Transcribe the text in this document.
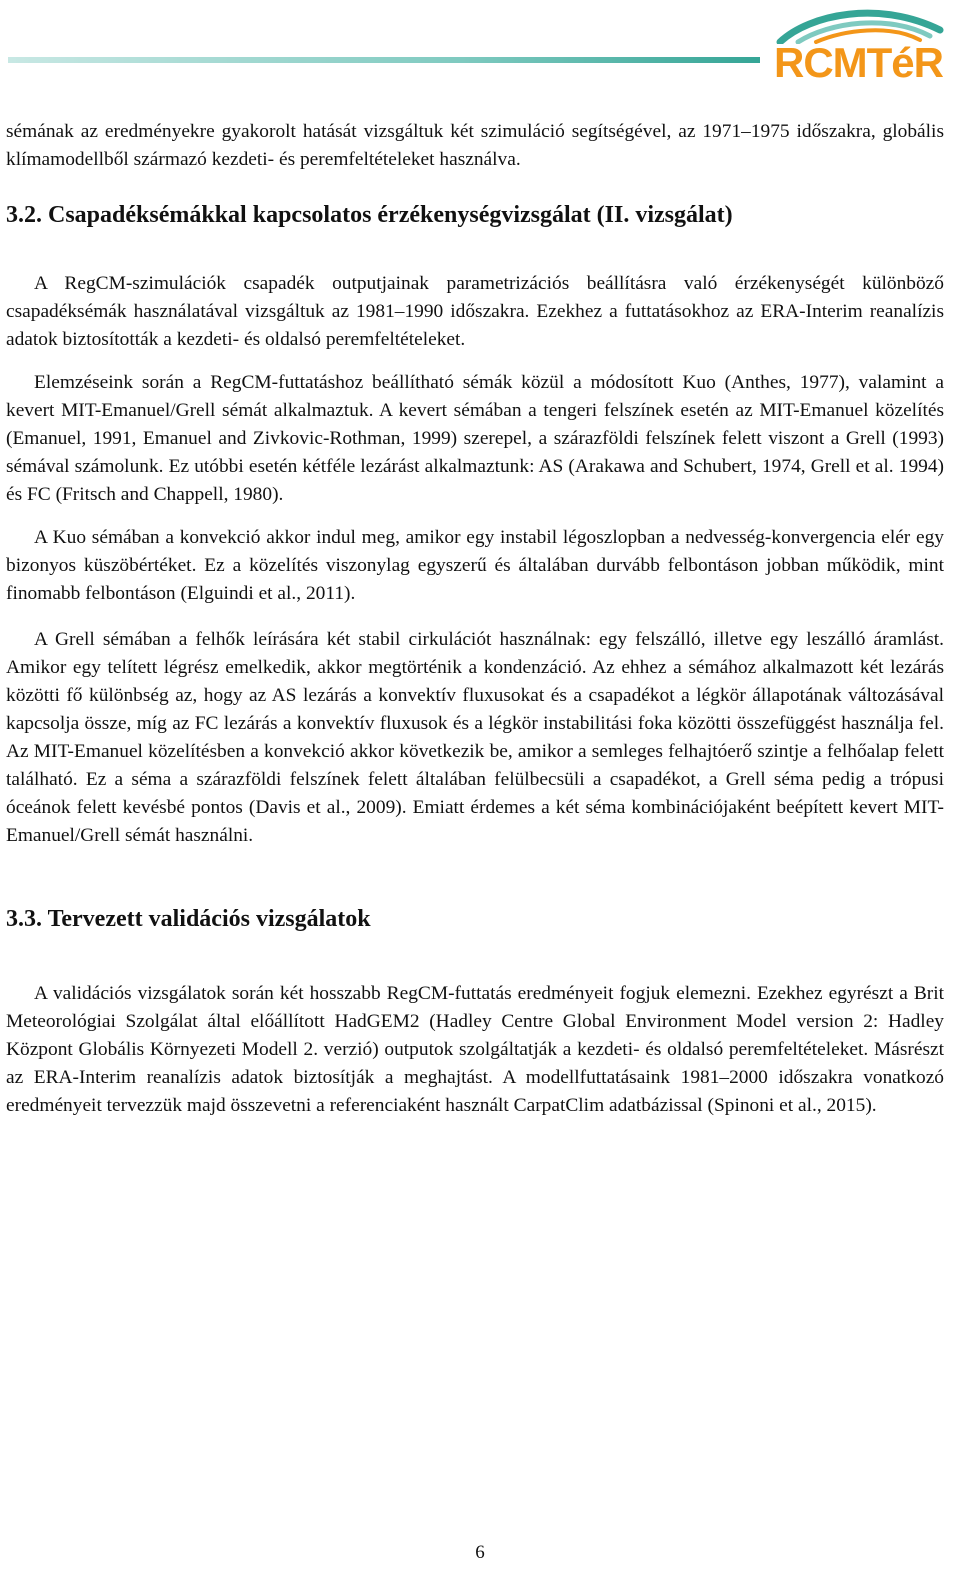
RCMTéR

sémának az eredményekre gyakorolt hatását vizsgáltuk két szimuláció segítségével, az 1971–1975 időszakra, globális klímamodellből származó kezdeti- és peremfeltételeket használva.

3.2. Csapadéksémákkal kapcsolatos érzékenységvizsgálat (II. vizsgálat)

A RegCM-szimulációk csapadék outputjainak parametrizációs beállításra való érzékenységét különböző csapadéksémák használatával vizsgáltuk az 1981–1990 időszakra. Ezekhez a futtatásokhoz az ERA-Interim reanalízis adatok biztosították a kezdeti- és oldalsó peremfeltételeket.

Elemzéseink során a RegCM-futtatáshoz beállítható sémák közül a módosított Kuo (Anthes, 1977), valamint a kevert MIT-Emanuel/Grell sémát alkalmaztuk. A kevert sémában a tengeri felszínek esetén az MIT-Emanuel közelítés (Emanuel, 1991, Emanuel and Zivkovic-Rothman, 1999) szerepel, a szárazföldi felszínek felett viszont a Grell (1993) sémával számolunk. Ez utóbbi esetén kétféle lezárást alkalmaztunk: AS (Arakawa and Schubert, 1974, Grell et al. 1994) és FC (Fritsch and Chappell, 1980).

A Kuo sémában a konvekció akkor indul meg, amikor egy instabil légoszlopban a nedvesség-konvergencia elér egy bizonyos küszöbértéket. Ez a közelítés viszonylag egyszerű és általában durvább felbontáson jobban működik, mint finomabb felbontáson (Elguindi et al., 2011).

A Grell sémában a felhők leírására két stabil cirkulációt használnak: egy felszálló, illetve egy leszálló áramlást. Amikor egy telített légrész emelkedik, akkor megtörténik a kondenzáció. Az ehhez a sémához alkalmazott két lezárás közötti fő különbség az, hogy az AS lezárás a konvektív fluxusokat és a csapadékot a légkör állapotának változásával kapcsolja össze, míg az FC lezárás a konvektív fluxusok és a légkör instabilitási foka közötti összefüggést használja fel. Az MIT-Emanuel közelítésben a konvekció akkor következik be, amikor a semleges felhajtóerő szintje a felhőalap felett található. Ez a séma a szárazföldi felszínek felett általában felülbecsüli a csapadékot, a Grell séma pedig a trópusi óceánok felett kevésbé pontos (Davis et al., 2009). Emiatt érdemes a két séma kombinációjaként beépített kevert MIT-Emanuel/Grell sémát használni.

3.3. Tervezett validációs vizsgálatok

A validációs vizsgálatok során két hosszabb RegCM-futtatás eredményeit fogjuk elemezni. Ezekhez egyrészt a Brit Meteorológiai Szolgálat által előállított HadGEM2 (Hadley Centre Global Environment Model version 2: Hadley Központ Globális Környezeti Modell 2. verzió) outputok szolgáltatják a kezdeti- és oldalsó peremfeltételeket. Másrészt az ERA-Interim reanalízis adatok biztosítják a meghajtást. A modellfuttatásaink 1981–2000 időszakra vonatkozó eredményeit tervezzük majd összevetni a referenciaként használt CarpatClim adatbázissal (Spinoni et al., 2015).

6
